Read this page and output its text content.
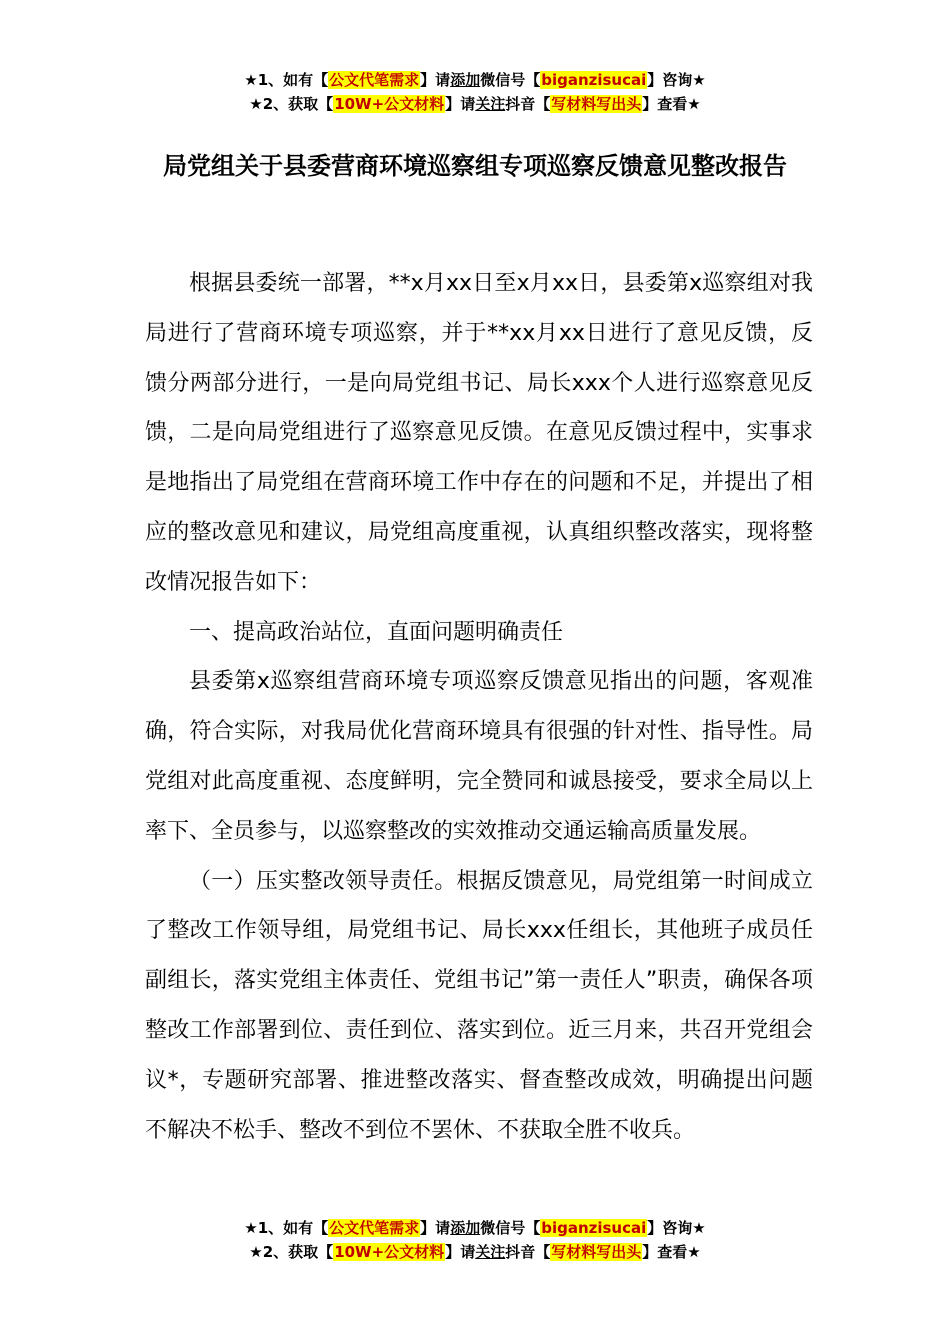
★1、如有【公文代笔需求】请添加微信号【biganzisucai】咨询★
★2、获取【10W+公文材料】请关注抖音【写材料写出头】查看★
局党组关于县委营商环境巡察组专项巡察反馈意见整改报告

根据县委统一部署，**x月xx日至x月xx日，县委第x巡察组对我局进行了营商环境专项巡察，并于**xx月xx日进行了意见反馈，反馈分两部分进行，一是向局党组书记、局长xxx个人进行巡察意见反馈，二是向局党组进行了巡察意见反馈。在意见反馈过程中，实事求是地指出了局党组在营商环境工作中存在的问题和不足，并提出了相应的整改意见和建议，局党组高度重视，认真组织整改落实，现将整改情况报告如下：

一、提高政治站位，直面问题明确责任

县委第x巡察组营商环境专项巡察反馈意见指出的问题，客观准确，符合实际，对我局优化营商环境具有很强的针对性、指导性。局党组对此高度重视、态度鲜明，完全赞同和诚恳接受，要求全局以上率下、全员参与，以巡察整改的实效推动交通运输高质量发展。

（一）压实整改领导责任。根据反馈意见，局党组第一时间成立了整改工作领导组，局党组书记、局长xxx任组长，其他班子成员任副组长，落实党组主体责任、党组书记”第一责任人”职责，确保各项整改工作部署到位、责任到位、落实到位。近三月来，共召开党组会议*，专题研究部署、推进整改落实、督查整改成效，明确提出问题不解决不松手、整改不到位不罢休、不获取全胜不收兵。

★1、如有【公文代笔需求】请添加微信号【biganzisucai】咨询★
★2、获取【10W+公文材料】请关注抖音【写材料写出头】查看★
